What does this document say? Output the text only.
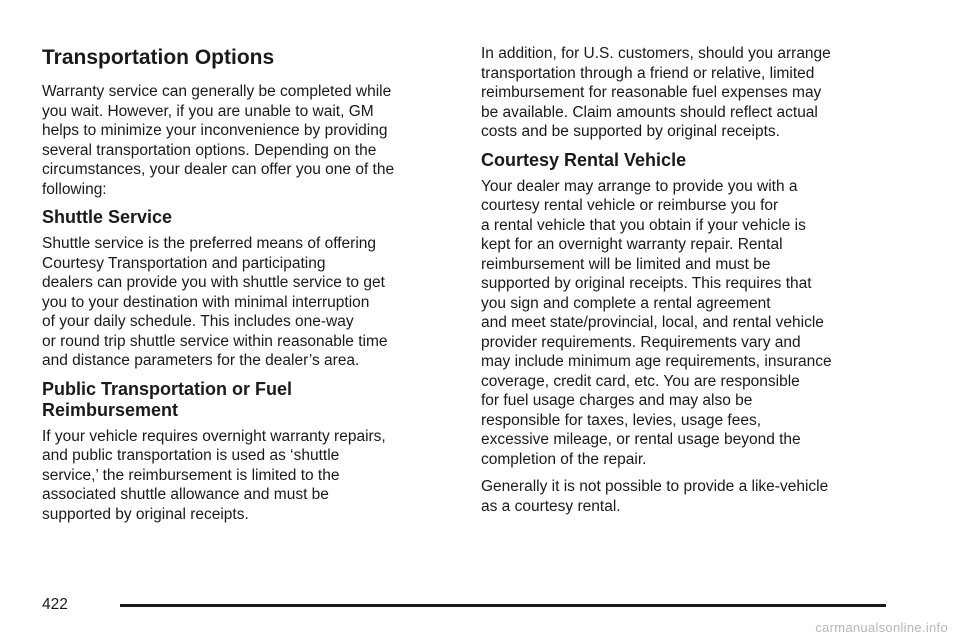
Transportation Options

Warranty service can generally be completed while
you wait. However, if you are unable to wait, GM
helps to minimize your inconvenience by providing
several transportation options. Depending on the
circumstances, your dealer can offer you one of the
following:

Shuttle Service

Shuttle service is the preferred means of offering
Courtesy Transportation and participating
dealers can provide you with shuttle service to get
you to your destination with minimal interruption
of your daily schedule. This includes one-way
or round trip shuttle service within reasonable time
and distance parameters for the dealer’s area.

Public Transportation or Fuel
Reimbursement

If your vehicle requires overnight warranty repairs,
and public transportation is used as ‘shuttle
service,’ the reimbursement is limited to the
associated shuttle allowance and must be
supported by original receipts.

In addition, for U.S. customers, should you arrange
transportation through a friend or relative, limited
reimbursement for reasonable fuel expenses may
be available. Claim amounts should reflect actual
costs and be supported by original receipts.

Courtesy Rental Vehicle

Your dealer may arrange to provide you with a
courtesy rental vehicle or reimburse you for
a rental vehicle that you obtain if your vehicle is
kept for an overnight warranty repair. Rental
reimbursement will be limited and must be
supported by original receipts. This requires that
you sign and complete a rental agreement
and meet state/provincial, local, and rental vehicle
provider requirements. Requirements vary and
may include minimum age requirements, insurance
coverage, credit card, etc. You are responsible
for fuel usage charges and may also be
responsible for taxes, levies, usage fees,
excessive mileage, or rental usage beyond the
completion of the repair.

Generally it is not possible to provide a like-vehicle
as a courtesy rental.

422
carmanualsonline.info
